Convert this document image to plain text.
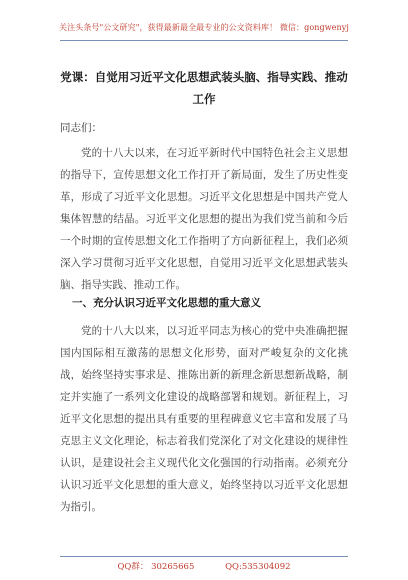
关注头条号"公文研究"，获得最新最全最专业的公文资料库！ 微信：gongwenyj
党课：自觉用习近平文化思想武装头脑、指导实践、推动工作
同志们：

党的十八大以来，在习近平新时代中国特色社会主义思想的指导下，宣传思想文化工作打开了新局面，发生了历史性变革，形成了习近平文化思想。习近平文化思想是中国共产党人集体智慧的结晶。习近平文化思想的提出为我们党当前和今后一个时期的宣传思想文化工作指明了方向新征程上，我们必须深入学习贯彻习近平文化思想，自觉用习近平文化思想武装头脑、指导实践、推动工作。

一、充分认识习近平文化思想的重大意义

党的十八大以来，以习近平同志为核心的党中央准确把握国内国际相互激荡的思想文化形势，面对严峻复杂的文化挑战，始终坚持实事求是、推陈出新的新理念新思想新战略，制定并实施了一系列文化建设的战略部署和规划。新征程上，习近平文化思想的提出具有重要的里程碑意义它丰富和发展了马克思主义文化理论，标志着我们党深化了对文化建设的规律性认识，是建设社会主义现代化文化强国的行动指南。必须充分认识习近平文化思想的重大意义，始终坚持以习近平文化思想为指引。

QQ群： 30265665	QQ:535304092
